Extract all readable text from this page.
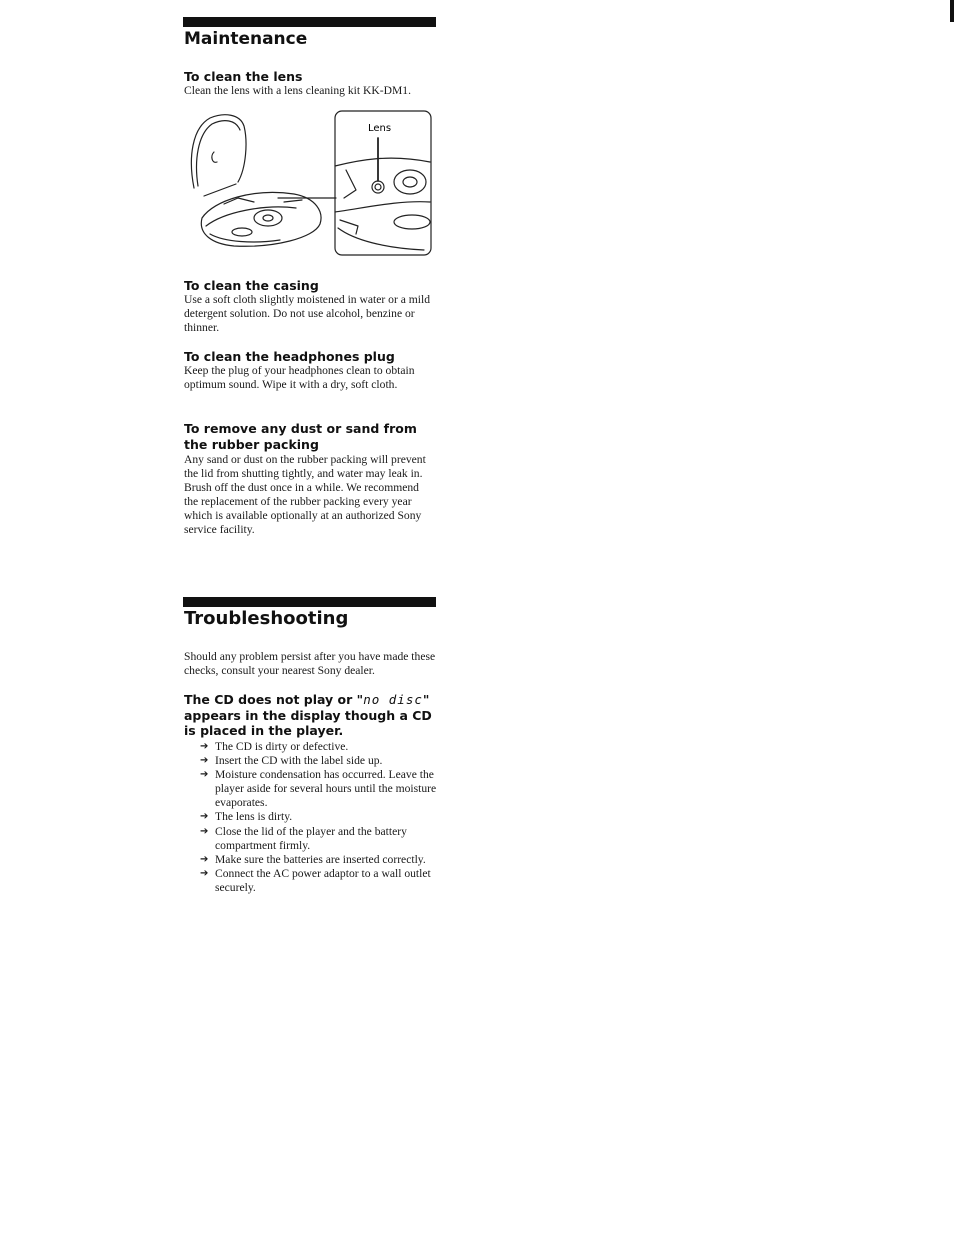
Maintenance
To clean the lens

Clean the lens with a lens cleaning kit KK-DM1.

Lens
To clean the casing

Use a soft cloth slightly moistened in water or a mild detergent solution. Do not use alcohol, benzine or thinner.

To clean the headphones plug

Keep the plug of your headphones clean to obtain optimum sound. Wipe it with a dry, soft cloth.

To remove any dust or sand from the rubber packing

Any sand or dust on the rubber packing will prevent the lid from shutting tightly, and water may leak in. Brush off the dust once in a while. We recommend the replacement of the rubber packing every year which is available optionally at an authorized Sony service facility.

Troubleshooting

Should any problem persist after you have made these checks, consult your nearest Sony dealer.

The CD does not play or "no disc" appears in the display though a CD is placed in the player.
➔ The CD is dirty or defective.
➔ Insert the CD with the label side up.
➔ Moisture condensation has occurred. Leave the player aside for several hours until the moisture evaporates.
➔ The lens is dirty.
➔ Close the lid of the player and the battery compartment firmly.
➔ Make sure the batteries are inserted correctly.
➔ Connect the AC power adaptor to a wall outlet securely.
